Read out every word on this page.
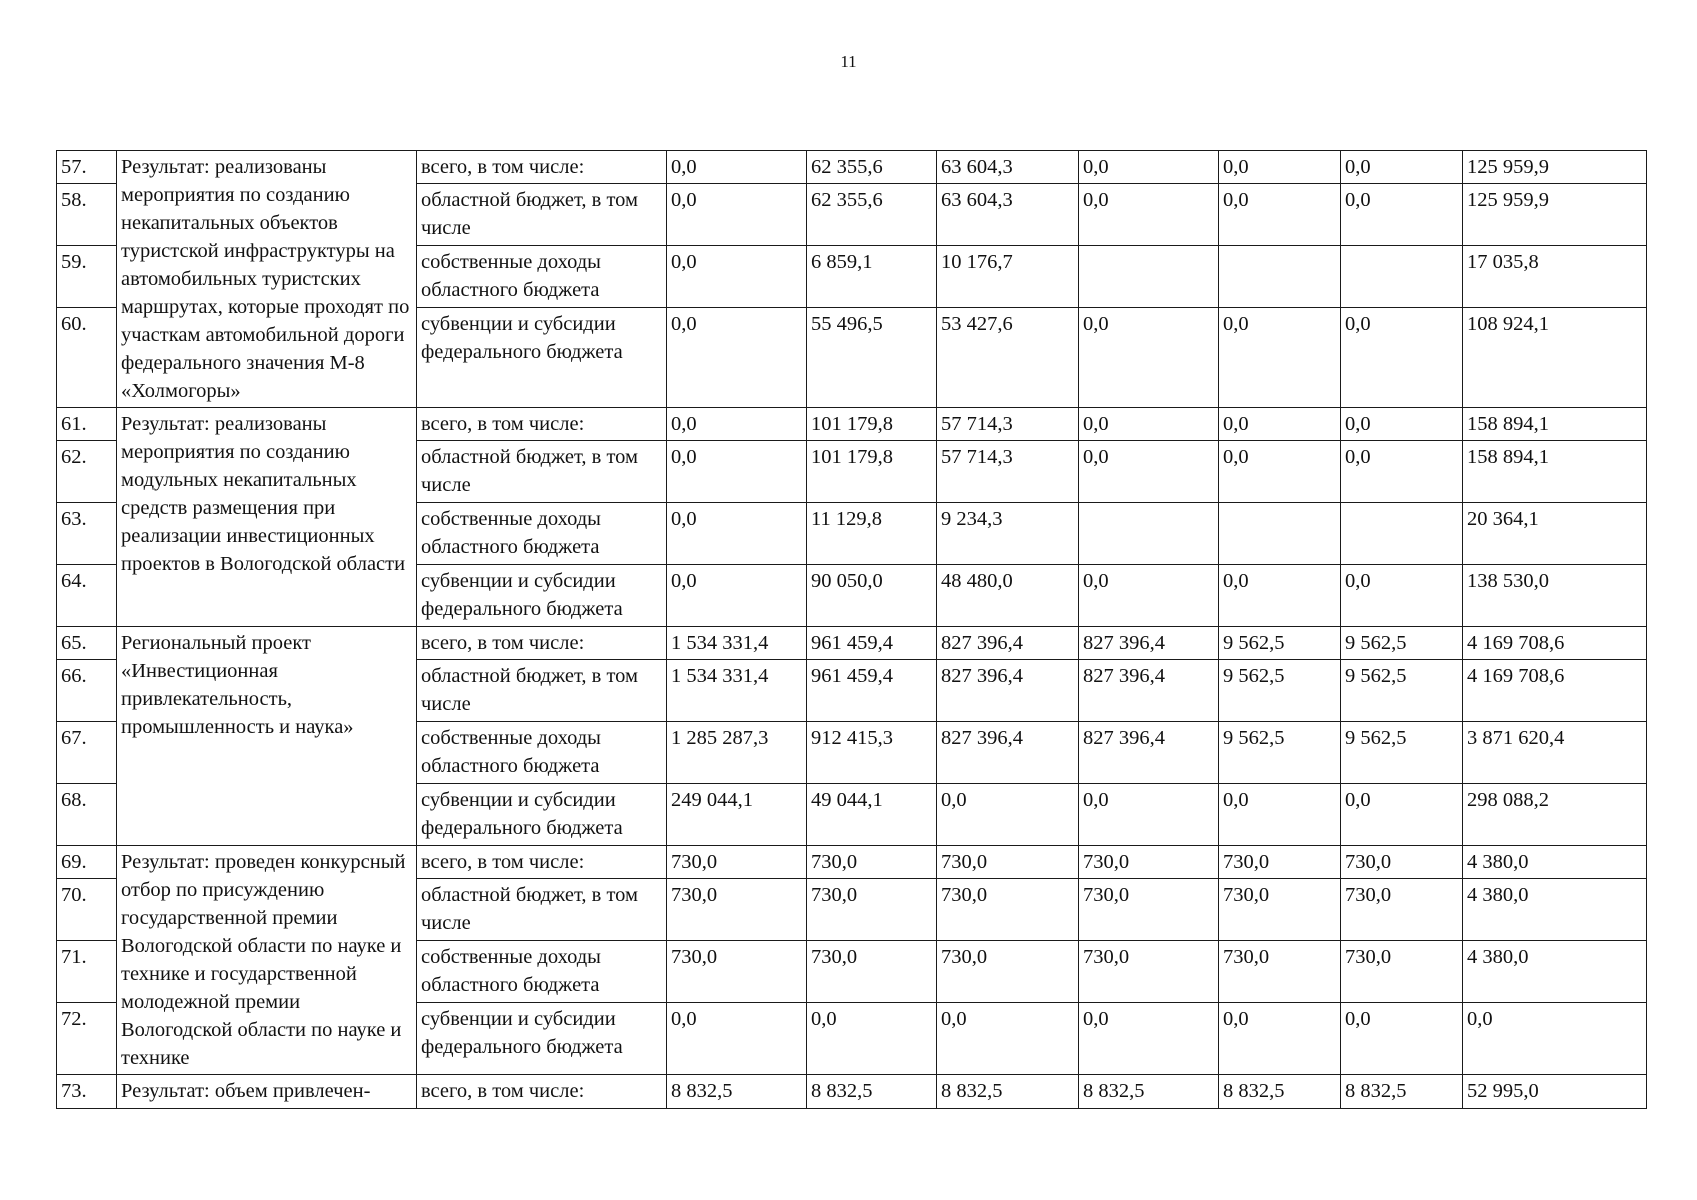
11
57.	Результат: реализованы мероприятия по созданию некапитальных объектов туристской инфраструктуры на автомобильных туристских маршрутах, которые проходят по участкам автомобильной дороги федерального значения М-8 «Холмогоры»	всего, в том числе:	0,0	62 355,6	63 604,3	0,0	0,0	0,0	125 959,9
58.		областной бюджет, в том числе	0,0	62 355,6	63 604,3	0,0	0,0	0,0	125 959,9
59.		собственные доходы областного бюджета	0,0	6 859,1	10 176,7				17 035,8
60.		субвенции и субсидии федерального бюджета	0,0	55 496,5	53 427,6	0,0	0,0	0,0	108 924,1
61.	Результат: реализованы мероприятия по созданию модульных некапитальных средств размещения при реализации инвестиционных проектов в Вологодской области	всего, в том числе:	0,0	101 179,8	57 714,3	0,0	0,0	0,0	158 894,1
62.		областной бюджет, в том числе	0,0	101 179,8	57 714,3	0,0	0,0	0,0	158 894,1
63.		собственные доходы областного бюджета	0,0	11 129,8	9 234,3				20 364,1
64.		субвенции и субсидии федерального бюджета	0,0	90 050,0	48 480,0	0,0	0,0	0,0	138 530,0
65.	Региональный проект «Инвестиционная привлекательность, промышленность и наука»	всего, в том числе:	1 534 331,4	961 459,4	827 396,4	827 396,4	9 562,5	9 562,5	4 169 708,6
66.		областной бюджет, в том числе	1 534 331,4	961 459,4	827 396,4	827 396,4	9 562,5	9 562,5	4 169 708,6
67.		собственные доходы областного бюджета	1 285 287,3	912 415,3	827 396,4	827 396,4	9 562,5	9 562,5	3 871 620,4
68.		субвенции и субсидии федерального бюджета	249 044,1	49 044,1	0,0	0,0	0,0	0,0	298 088,2
69.	Результат: проведен конкурсный отбор по присуждению государственной премии Вологодской области по науке и технике и государственной молодежной премии Вологодской области по науке и технике	всего, в том числе:	730,0	730,0	730,0	730,0	730,0	730,0	4 380,0
70.		областной бюджет, в том числе	730,0	730,0	730,0	730,0	730,0	730,0	4 380,0
71.		собственные доходы областного бюджета	730,0	730,0	730,0	730,0	730,0	730,0	4 380,0
72.		субвенции и субсидии федерального бюджета	0,0	0,0	0,0	0,0	0,0	0,0	0,0
73.	Результат: объем привлечен-	всего, в том числе:	8 832,5	8 832,5	8 832,5	8 832,5	8 832,5	8 832,5	52 995,0
